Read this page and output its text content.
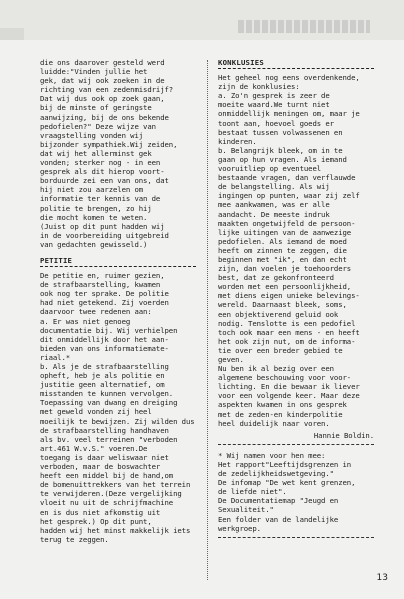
die ons daarover gesteld werd
luidde:"Vinden jullie het
gek, dat wij ook zoeken in de
richting van een zedenmisdrijf?
Dat wij dus ook op zoek gaan,
bij de minste of geringste
aanwijzing, bij de ons bekende
pedofielen?" Deze wijze van
vraagstelling vonden wij
bijzonder sympathiek.Wij zeiden,
dat wij het allerminst gek
vonden; sterker nog - in een
gesprek als dit hierop voort-
borduurde zei een van ons, dat
hij niet zou aarzelen om
informatie ter kennis van de
politie te brengen, zo hij
die mocht komen te weten.
(Juist op dit punt hadden wij
in de voorbereiding uitgebreid
van gedachten gewisseld.)

PETITIE

De petitie en, ruimer gezien,
de strafbaarstelling, kwamen
ook nog ter sprake. De politie
had niet getekend. Zij voerden
daarvoor twee redenen aan:
a. Er was niet genoeg
documentatie bij. Wij verhielpen
dit onmiddellijk door het aan-
bieden van ons informatiemate-
riaal.*
b. Als je de strafbaarstelling
opheft, heb je als politie en
justitie geen alternatief, om
misstanden te kunnen vervolgen.
Toepassing van dwang en dreiging
met geweld vonden zij heel
moeilijk te bewijzen. Zij wilden dus
de strafbaarstelling handhaven
als bv. veel terreinen "verboden
art.461 W.v.S." voeren.De
toegang is daar weliswaar niet
verboden, maar de boswachter
heeft een middel bij de hand,om
de bomenuittrekkers van het terrein
te verwijderen.(Deze vergelijking
vloeit nu uit de schrijfmachine
en is dus niet afkomstig uit
het gesprek.) Op dit punt,
hadden wij het minst makkelijk iets
terug te zeggen.

KONKLUSIES

Het geheel nog eens overdenkende,
zijn de konklusies:
a. Zo'n gesprek is zeer de
moeite waard.We turnt niet
onmiddellijk meningen om, maar je
toont aan, hoevoel goeds er
bestaat tussen volwassenen en
kinderen.
b. Belangrijk bleek, om in te
gaan op hun vragen. Als iemand
vooruitliep op eventueel
bestaande vragen, dan verflauwde
de belangstelling. Als wij
ingingen op punten, waar zij zelf
mee aankwamen, was er alle
aandacht. De meeste indruk
maakten ongetwijfeld de persoon-
lijke uitingen van de aanwezige
pedofielen. Als iemand de moed
heeft om zinnen te zeggen, die
beginnen met "ik", en dan echt
zijn, dan voelen je toehoorders
best, dat ze gekonfronteerd
worden met een persoonlijkheid,
met diens eigen unieke belevings-
wereld. Daarnaast bleek, soms,
een objektiverend geluid ook
nodig. Tenslotte is een pedofiel
toch ook maar een mens - en heeft
het ook zijn nut, om de informa-
tie over een breder gebied te
geven.
Nu ben ik al bezig over een
algemene beschouwing voor voor-
lichting. En die bewaar ik liever
voor een volgende keer. Maar deze
aspekten kwamen in ons gesprek
met de zeden-en kinderpolitie
heel duidelijk naar voren.

Hannie Boldin.

* Wij namen voor hen mee:
Het rapport"Leeftijdsgrenzen in
de zedelijkheidswetgeving."
De infomap "De wet kent grenzen,
de liefde niet".
De Documentatiemap "Jeugd en
Sexualiteit."
Een folder van de landelijke
werkgroep.

13
